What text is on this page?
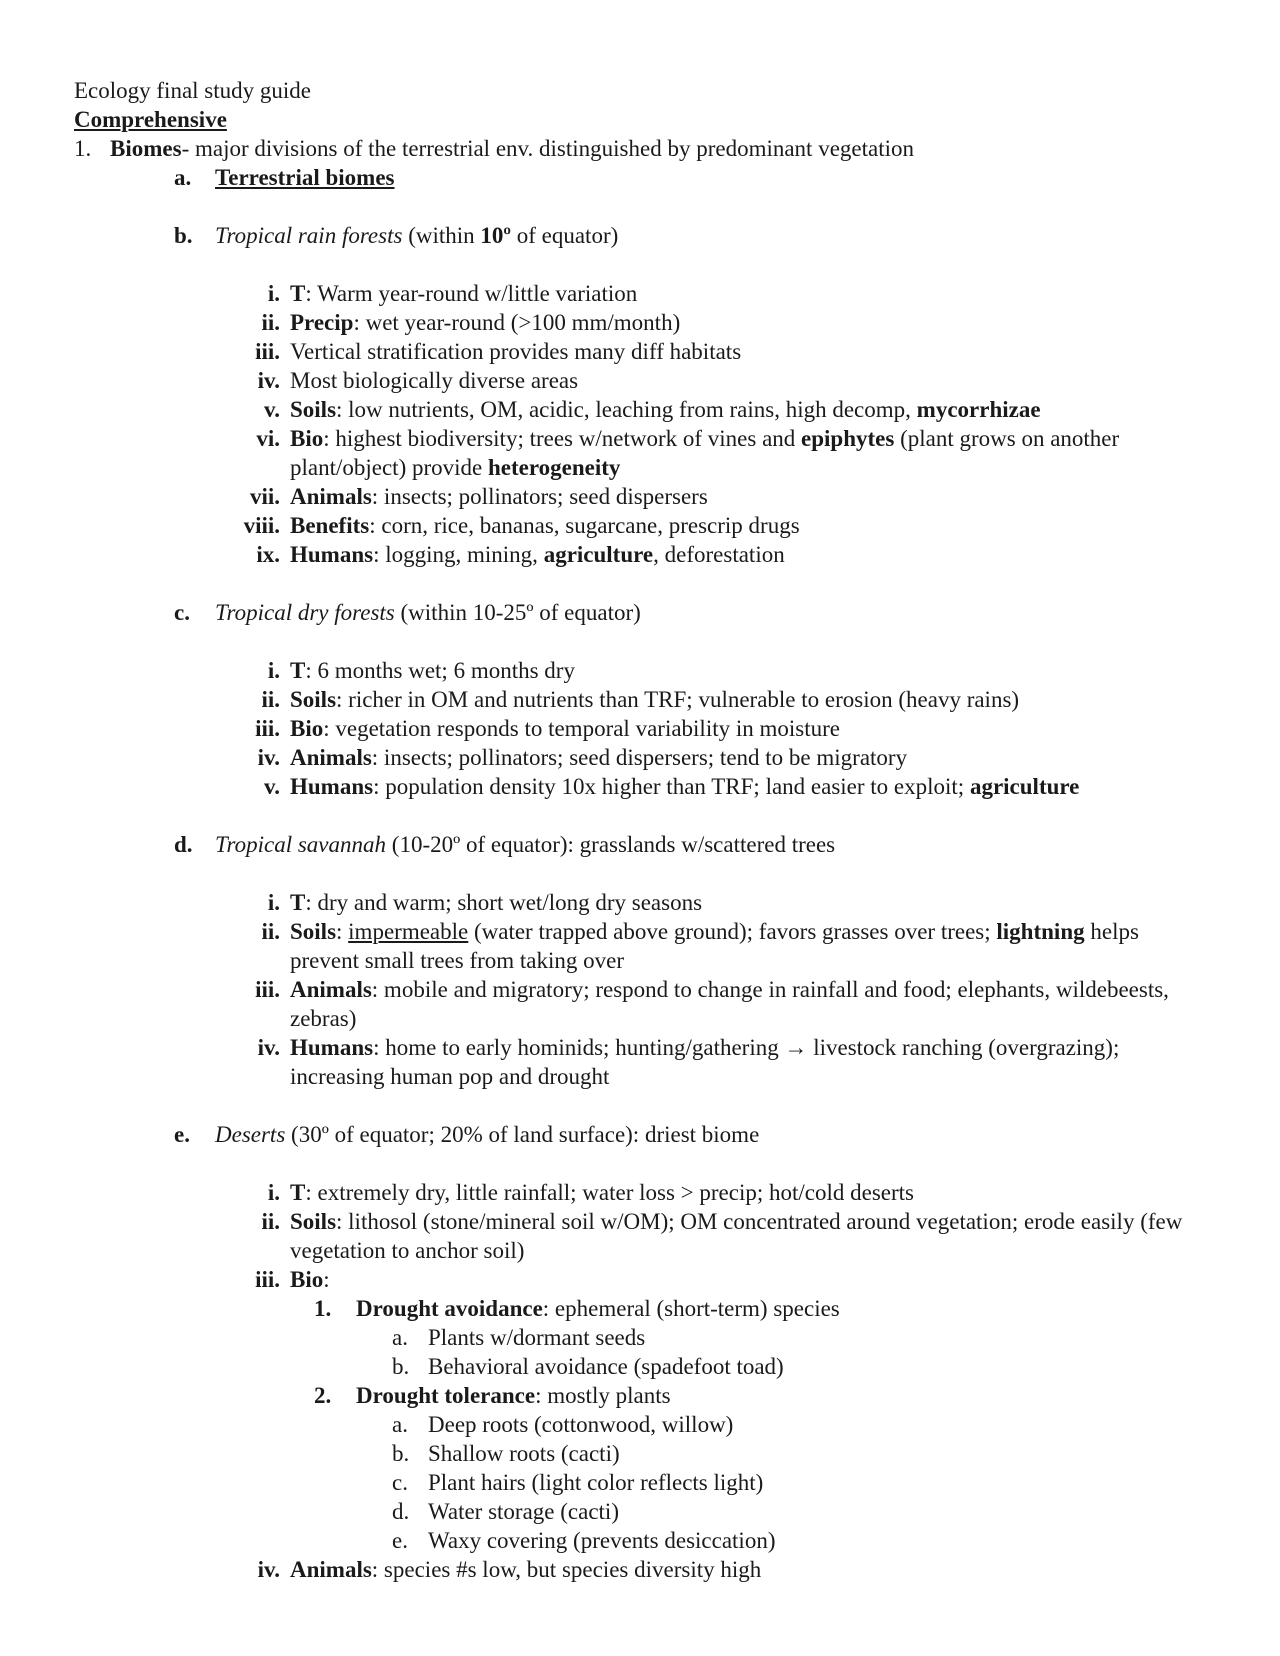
Ecology final study guide
Comprehensive
1. Biomes- major divisions of the terrestrial env. distinguished by predominant vegetation
a. Terrestrial biomes
b. Tropical rain forests (within 10º of equator)
i. T: Warm year-round w/little variation
ii. Precip: wet year-round (>100 mm/month)
iii. Vertical stratification provides many diff habitats
iv. Most biologically diverse areas
v. Soils: low nutrients, OM, acidic, leaching from rains, high decomp, mycorrhizae
vi. Bio: highest biodiversity; trees w/network of vines and epiphytes (plant grows on another plant/object) provide heterogeneity
vii. Animals: insects; pollinators; seed dispersers
viii. Benefits: corn, rice, bananas, sugarcane, prescrip drugs
ix. Humans: logging, mining, agriculture, deforestation
c. Tropical dry forests (within 10-25º of equator)
i. T: 6 months wet; 6 months dry
ii. Soils: richer in OM and nutrients than TRF; vulnerable to erosion (heavy rains)
iii. Bio: vegetation responds to temporal variability in moisture
iv. Animals: insects; pollinators; seed dispersers; tend to be migratory
v. Humans: population density 10x higher than TRF; land easier to exploit; agriculture
d. Tropical savannah (10-20º of equator): grasslands w/scattered trees
i. T: dry and warm; short wet/long dry seasons
ii. Soils: impermeable (water trapped above ground); favors grasses over trees; lightning helps prevent small trees from taking over
iii. Animals: mobile and migratory; respond to change in rainfall and food; elephants, wildebeests, zebras)
iv. Humans: home to early hominids; hunting/gathering → livestock ranching (overgrazing); increasing human pop and drought
e. Deserts (30º of equator; 20% of land surface): driest biome
i. T: extremely dry, little rainfall; water loss > precip; hot/cold deserts
ii. Soils: lithosol (stone/mineral soil w/OM); OM concentrated around vegetation; erode easily (few vegetation to anchor soil)
iii. Bio:
1.	Drought avoidance: ephemeral (short-term) species
a. Plants w/dormant seeds
b. Behavioral avoidance (spadefoot toad)
2.	Drought tolerance: mostly plants
a. Deep roots (cottonwood, willow)
b. Shallow roots (cacti)
c. Plant hairs (light color reflects light)
d. Water storage (cacti)
e. Waxy covering (prevents desiccation)
iv. Animals: species #s low, but species diversity high
